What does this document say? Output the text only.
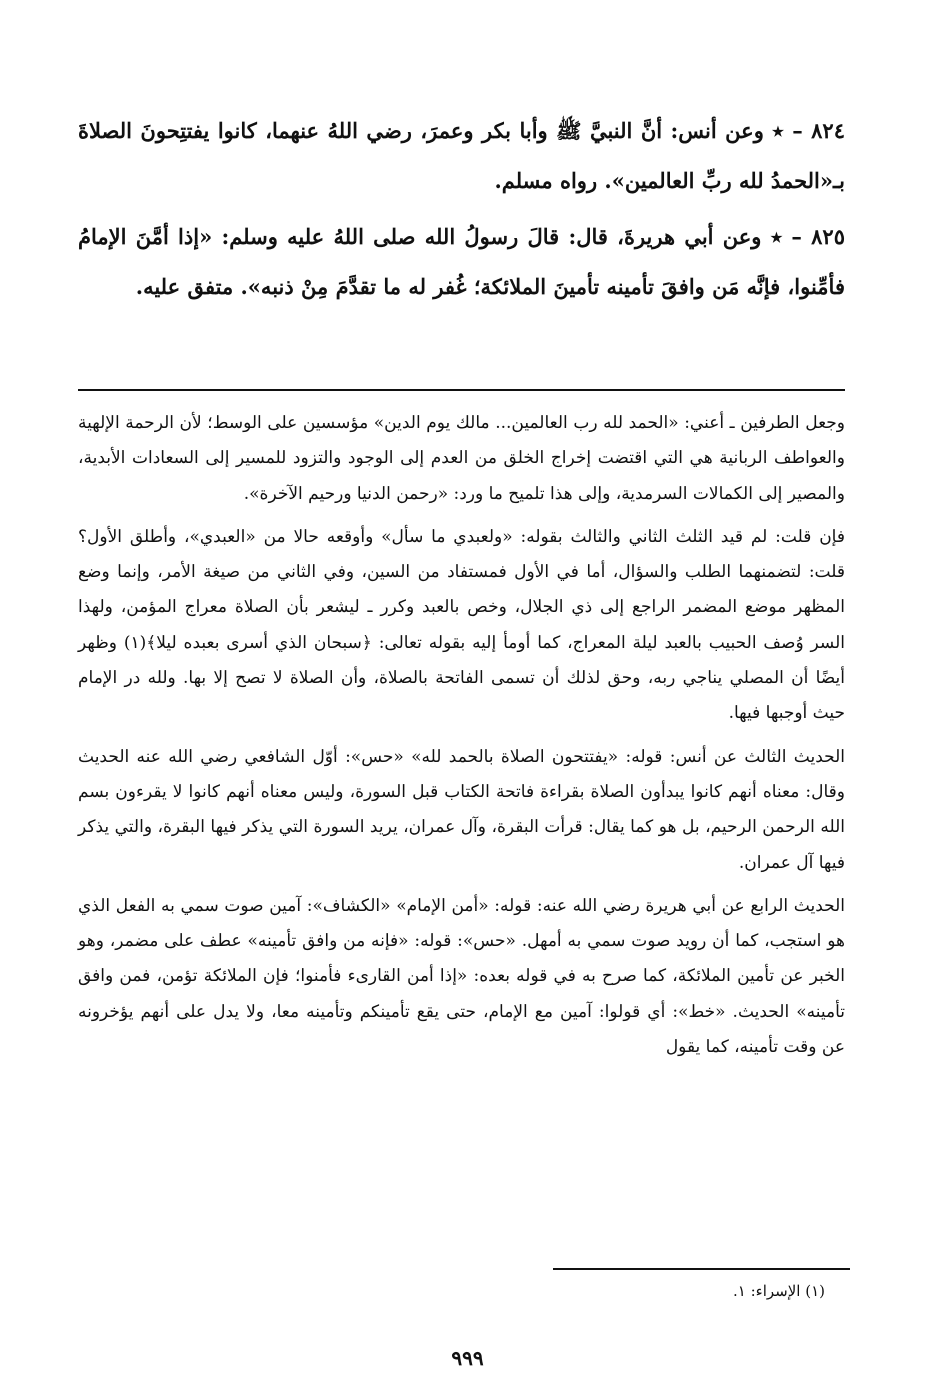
٨٢٤ – ٭ وعن أنس: أنَّ النبيَّ ﷺ وأبا بكر وعمرَ، رضي اللهُ عنهما، كانوا يفتتِحونَ الصلاةَ بـ«الحمدُ لله ربِّ العالمين». رواه مسلم.

٨٢٥ – ٭ وعن أبي هريرةَ، قال: قالَ رسولُ الله صلى اللهُ عليه وسلم: «إذا أمَّنَ الإمامُ فأمِّنوا، فإنَّه مَن وافقَ تأمينه تأمينَ الملائكة؛ غُفر له ما تقدَّمَ مِنْ ذنبه». متفق عليه.

وجعل الطرفين ـ أعني: «الحمد لله رب العالمين... مالك يوم الدين» مؤسسين على الوسط؛ لأن الرحمة الإلهية والعواطف الربانية هي التي اقتضت إخراج الخلق من العدم إلى الوجود والتزود للمسير إلى السعادات الأبدية، والمصير إلى الكمالات السرمدية، وإلى هذا تلميح ما ورد: «رحمن الدنيا ورحيم الآخرة».

فإن قلت: لم قيد الثلث الثاني والثالث بقوله: «ولعبدي ما سأل» وأوقعه حالا من «العبدي»، وأطلق الأول؟ قلت: لتضمنهما الطلب والسؤال، أما في الأول فمستفاد من السين، وفي الثاني من صيغة الأمر، وإنما وضع المظهر موضع المضمر الراجع إلى ذي الجلال، وخص بالعبد وكرر ـ ليشعر بأن الصلاة معراج المؤمن، ولهذا السر وُصف الحبيب بالعبد ليلة المعراج، كما أومأ إليه بقوله تعالى: ﴿سبحان الذي أسرى بعبده ليلا﴾(١) وظهر أيضًا أن المصلي يناجي ربه، وحق لذلك أن تسمى الفاتحة بالصلاة، وأن الصلاة لا تصح إلا بها. ولله در الإمام حيث أوجبها فيها.

الحديث الثالث عن أنس: قوله: «يفتتحون الصلاة بالحمد لله» «حس»: أوّل الشافعي رضي الله عنه الحديث وقال: معناه أنهم كانوا يبدأون الصلاة بقراءة فاتحة الكتاب قبل السورة، وليس معناه أنهم كانوا لا يقرءون بسم الله الرحمن الرحيم، بل هو كما يقال: قرأت البقرة، وآل عمران، يريد السورة التي يذكر فيها البقرة، والتي يذكر فيها آل عمران.

الحديث الرابع عن أبي هريرة رضي الله عنه: قوله: «أمن الإمام» «الكشاف»: آمين صوت سمي به الفعل الذي هو استجب، كما أن رويد صوت سمي به أمهل. «حس»: قوله: «فإنه من وافق تأمينه» عطف على مضمر، وهو الخبر عن تأمين الملائكة، كما صرح به في قوله بعده: «إذا أمن القارىء فأمنوا؛ فإن الملائكة تؤمن، فمن وافق تأمينه» الحديث. «خط»: أي قولوا: آمين مع الإمام، حتى يقع تأمينكم وتأمينه معا، ولا يدل على أنهم يؤخرونه عن وقت تأمينه، كما يقول

(١) الإسراء: ١.
٩٩٩
